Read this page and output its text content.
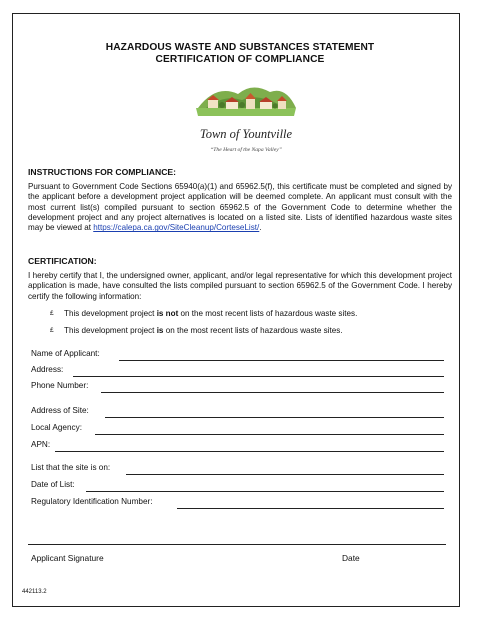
HAZARDOUS WASTE AND SUBSTANCES STATEMENT
CERTIFICATION OF COMPLIANCE
Town of Yountville
“The Heart of the Napa Valley”
INSTRUCTIONS FOR COMPLIANCE:

Pursuant to Government Code Sections 65940(a)(1) and 65962.5(f), this certificate must be completed and signed by the applicant before a development project application will be deemed complete. An applicant must consult with the most current list(s) compiled pursuant to section 65962.5 of the Government Code to determine whether the development project and any project alternatives is located on a listed site. Lists of identified hazardous waste sites may be viewed at https://calepa.ca.gov/SiteCleanup/CorteseList/.

CERTIFICATION:

I hereby certify that I, the undersigned owner, applicant, and/or legal representative for which this development project application is made, have consulted the lists compiled pursuant to section 65962.5 of the Government Code. I hereby certify the following information:

£ This development project is not on the most recent lists of hazardous waste sites.
£ This development project is on the most recent lists of hazardous waste sites.
Name of Applicant:
Address:
Phone Number:
Address of Site:
Local Agency:
APN:
List that the site is on:
Date of List:
Regulatory Identification Number:
Applicant Signature	Date
442113.2
